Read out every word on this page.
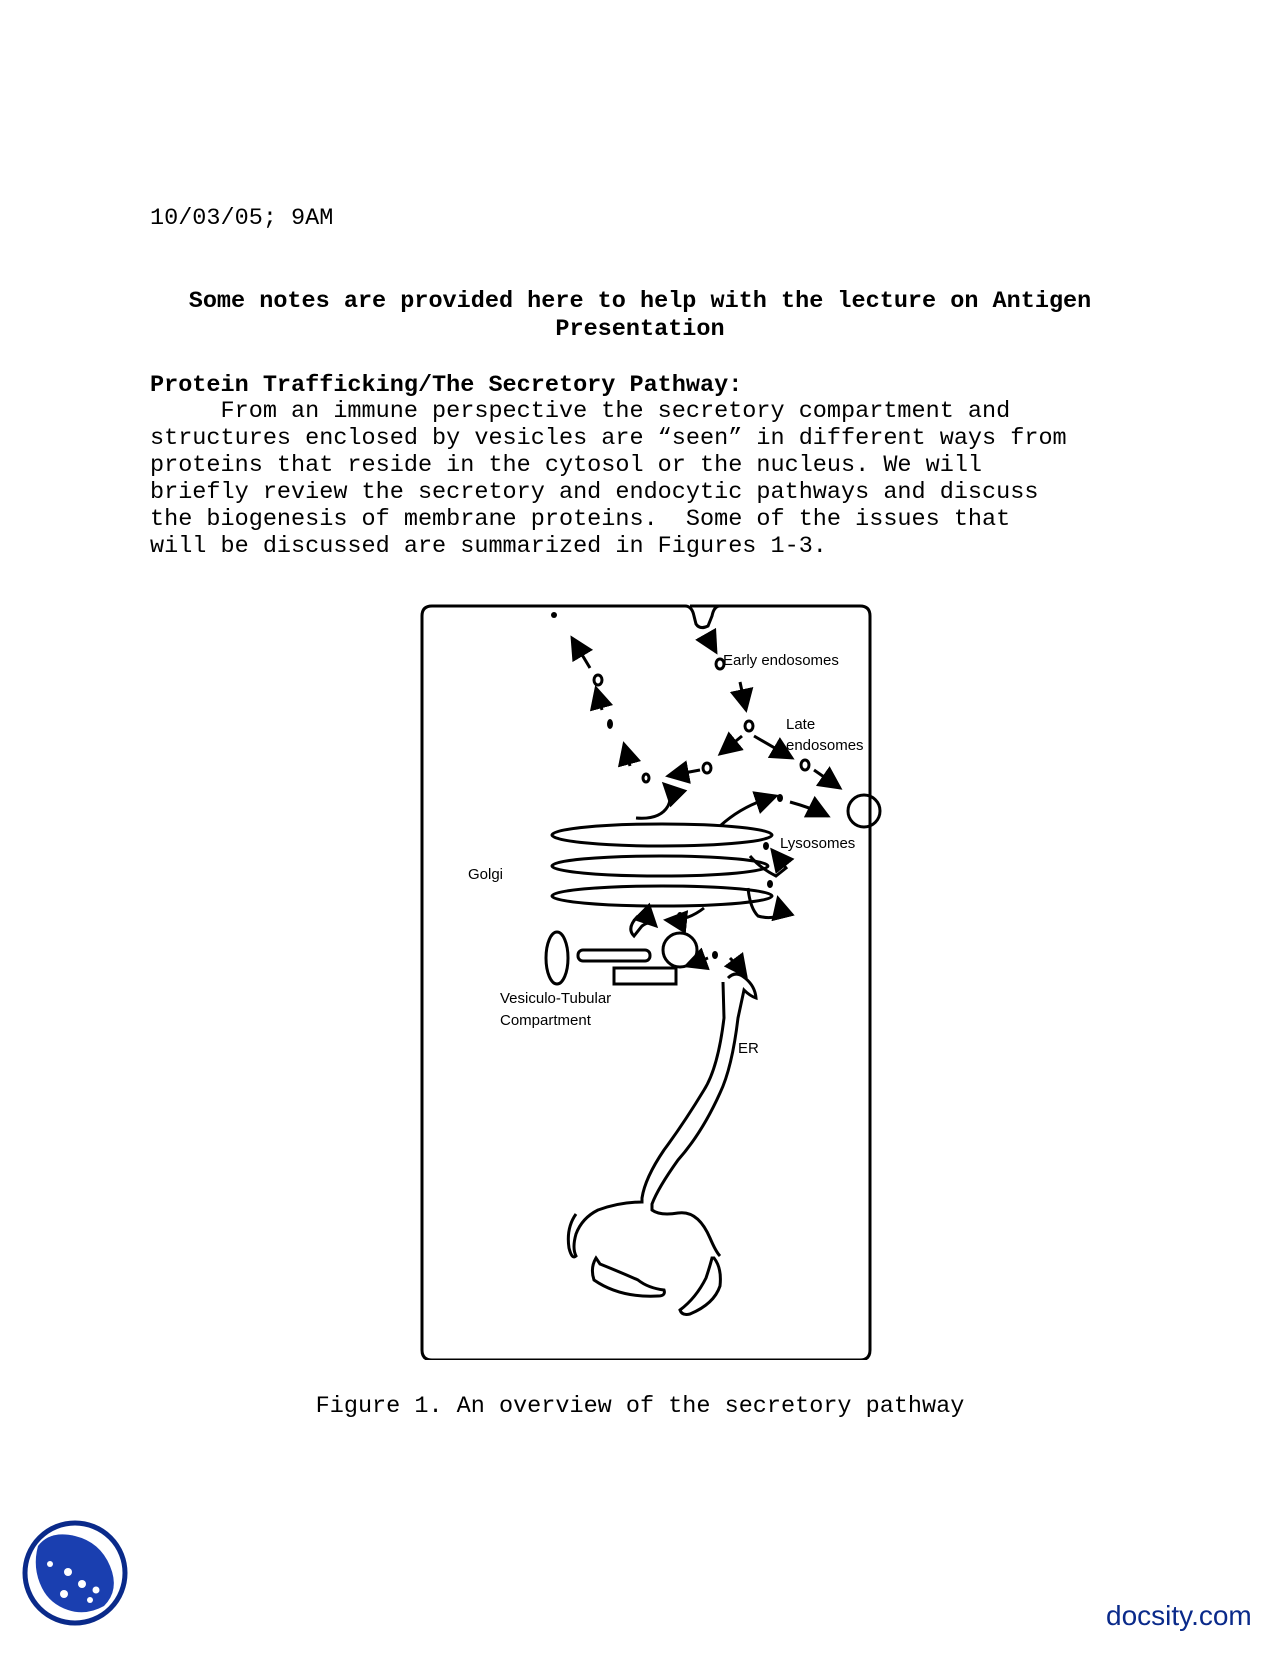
10/03/05; 9AM
Some notes are provided here to help with the lecture on Antigen
Presentation
Protein Trafficking/The Secretory Pathway:
From an immune perspective the secretory compartment and
structures enclosed by vesicles are “seen” in different ways from
proteins that reside in the cytosol or the nucleus. We will
briefly review the secretory and endocytic pathways and discuss
the biogenesis of membrane proteins.  Some of the issues that
will be discussed are summarized in Figures 1-3.
Early endosomes
Late
endosomes
Lysosomes
Golgi
Vesiculo-Tubular
Compartment
ER
Figure 1. An overview of the secretory pathway
docsity.com
